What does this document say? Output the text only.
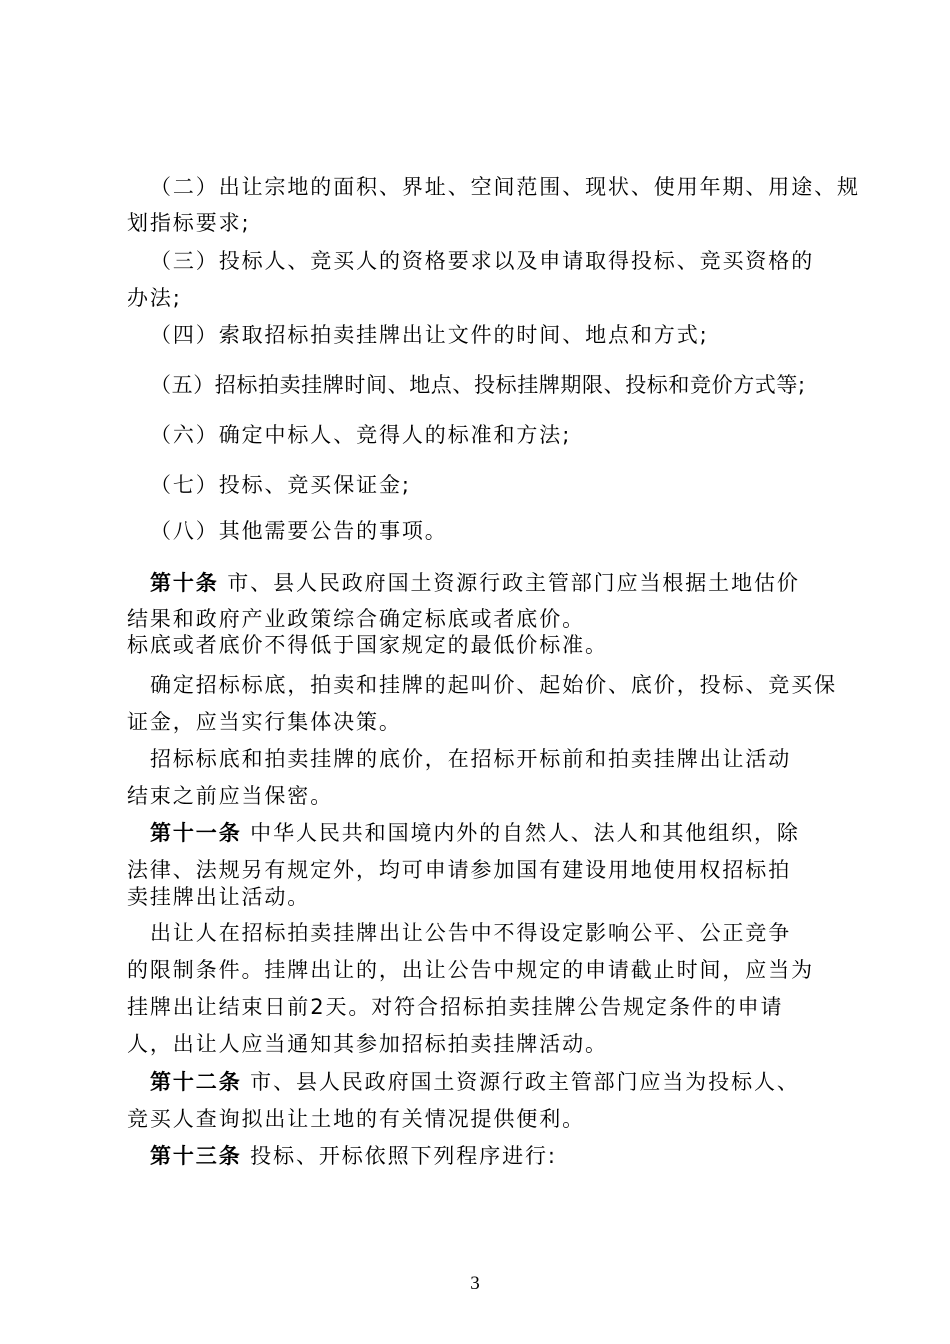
（二）出让宗地的面积、界址、空间范围、现状、使用年期、用途、规
划指标要求;
（三）投标人、竞买人的资格要求以及申请取得投标、竞买资格的
办法;
（四）索取招标拍卖挂牌出让文件的时间、地点和方式;
（五）招标拍卖挂牌时间、地点、投标挂牌期限、投标和竞价方式等;
（六）确定中标人、竞得人的标准和方法;
（七）投标、竞买保证金;
（八）其他需要公告的事项。
第十条 市、县人民政府国土资源行政主管部门应当根据土地估价
结果和政府产业政策综合确定标底或者底价。
标底或者底价不得低于国家规定的最低价标准。
确定招标标底，拍卖和挂牌的起叫价、起始价、底价，投标、竞买保
证金，应当实行集体决策。
招标标底和拍卖挂牌的底价，在招标开标前和拍卖挂牌出让活动
结束之前应当保密。
第十一条 中华人民共和国境内外的自然人、法人和其他组织，除
法律、法规另有规定外，均可申请参加国有建设用地使用权招标拍
卖挂牌出让活动。
出让人在招标拍卖挂牌出让公告中不得设定影响公平、公正竞争
的限制条件。挂牌出让的，出让公告中规定的申请截止时间，应当为
挂牌出让结束日前2天。对符合招标拍卖挂牌公告规定条件的申请
人，出让人应当通知其参加招标拍卖挂牌活动。
第十二条 市、县人民政府国土资源行政主管部门应当为投标人、
竞买人查询拟出让土地的有关情况提供便利。
第十三条 投标、开标依照下列程序进行:
3
